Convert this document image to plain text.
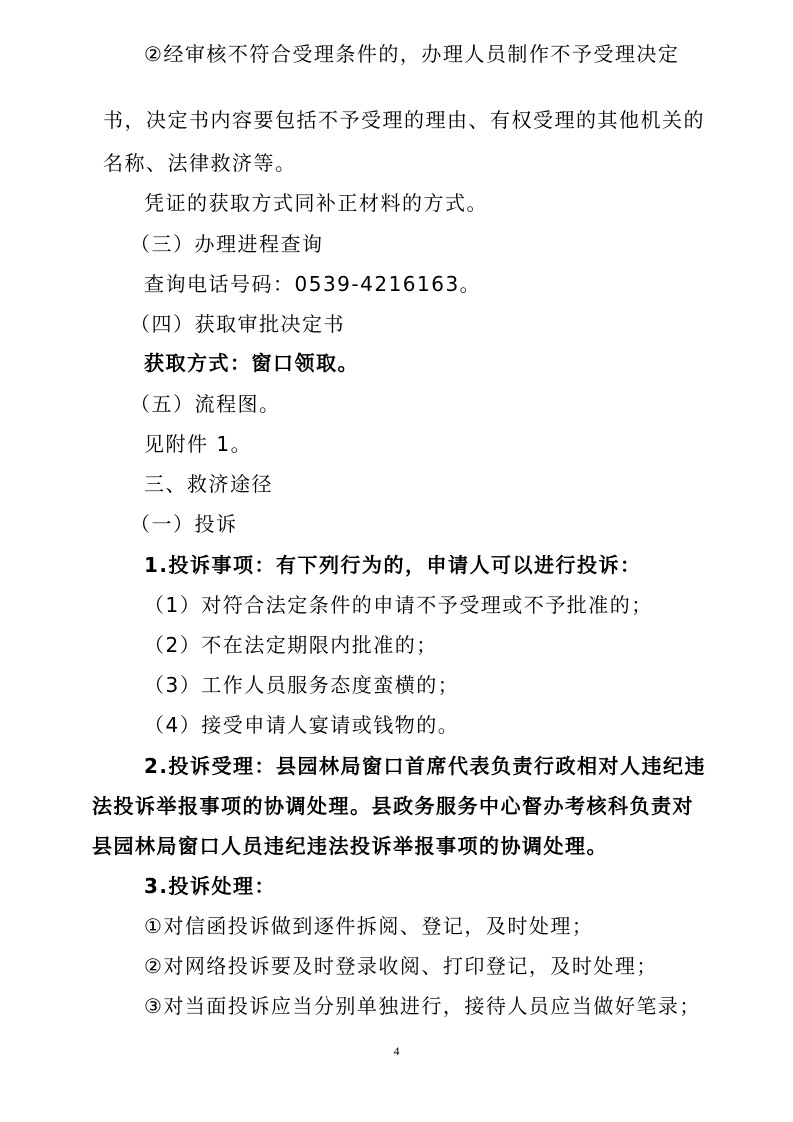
②经审核不符合受理条件的，办理人员制作不予受理决定
书，决定书内容要包括不予受理的理由、有权受理的其他机关的
名称、法律救济等。
凭证的获取方式同补正材料的方式。
（三）办理进程查询
查询电话号码：0539-4216163。
（四）获取审批决定书
获取方式：窗口领取。
（五）流程图。
见附件 1。
三、救济途径
（一）投诉
1.投诉事项：有下列行为的，申请人可以进行投诉：
（1）对符合法定条件的申请不予受理或不予批准的；
（2）不在法定期限内批准的；
（3）工作人员服务态度蛮横的；
（4）接受申请人宴请或钱物的。
2.投诉受理：县园林局窗口首席代表负责行政相对人违纪违
法投诉举报事项的协调处理。县政务服务中心督办考核科负责对
县园林局窗口人员违纪违法投诉举报事项的协调处理。
3.投诉处理：
①对信函投诉做到逐件拆阅、登记，及时处理；
②对网络投诉要及时登录收阅、打印登记，及时处理；
③对当面投诉应当分别单独进行，接待人员应当做好笔录；
4
